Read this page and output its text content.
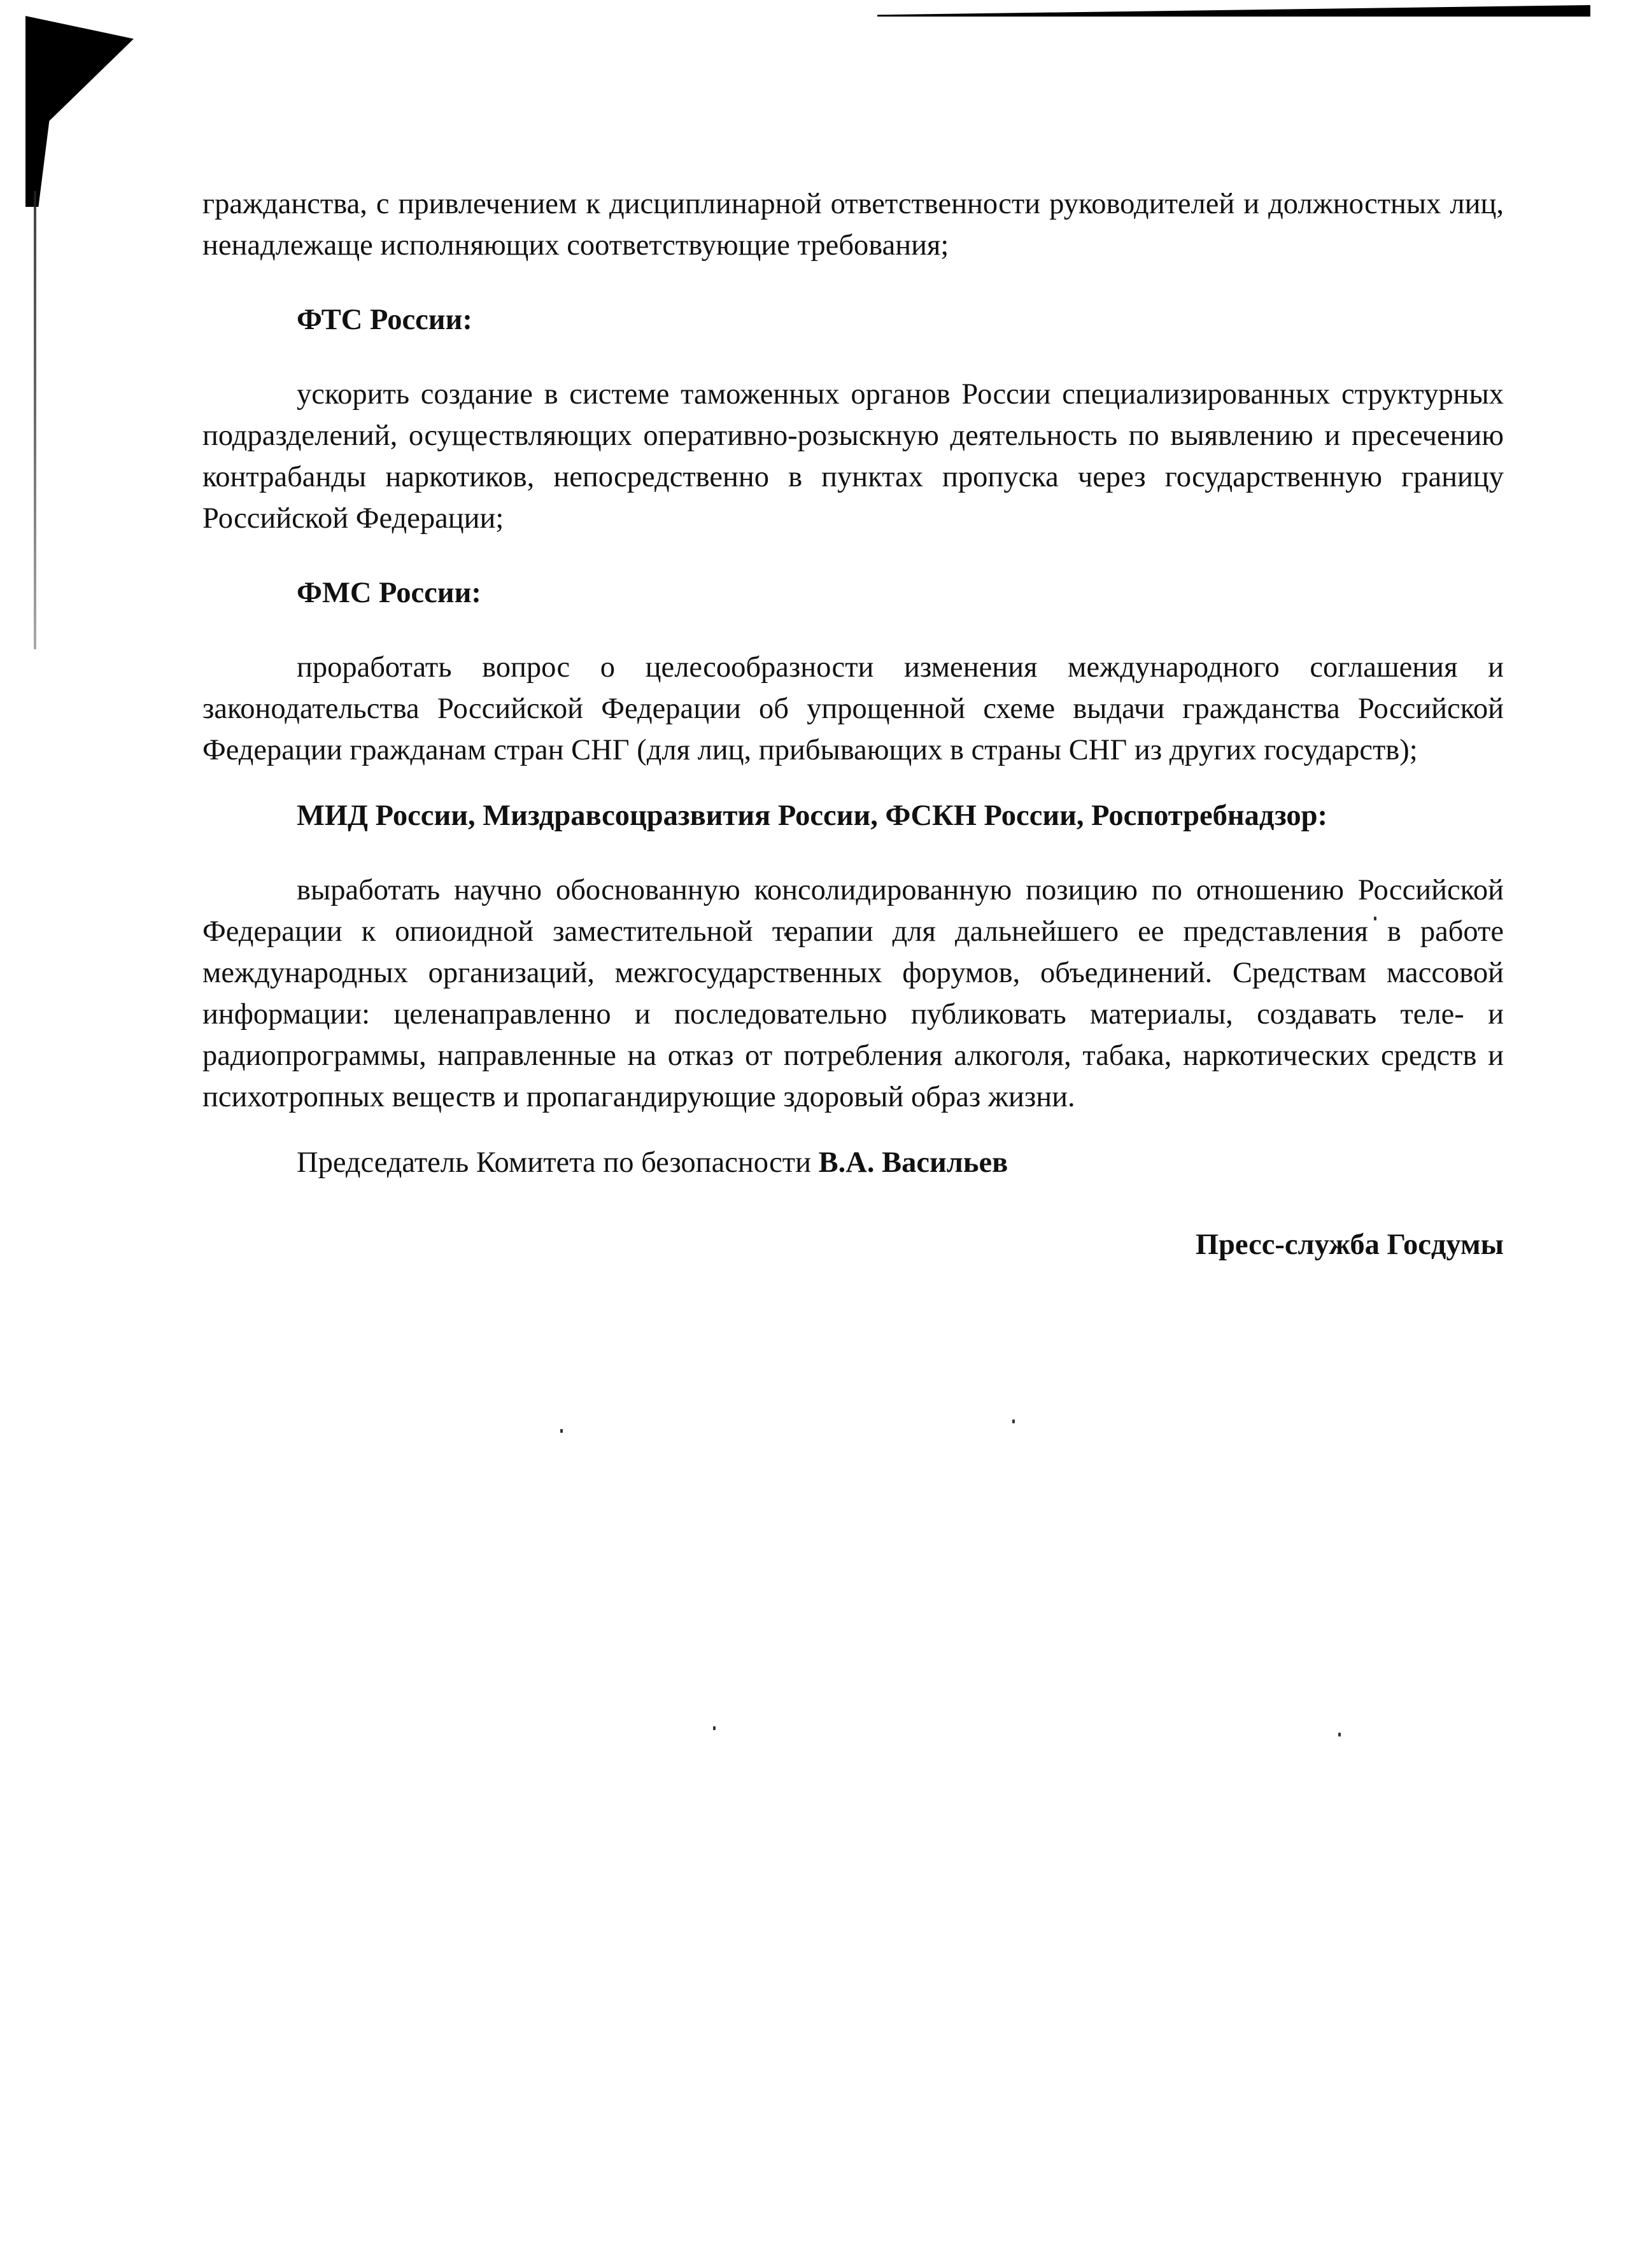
гражданства, с привлечением к дисциплинарной ответственности руководителей и должностных лиц, ненадлежаще исполняющих соответствующие требования;

ФТС России:

ускорить создание в системе таможенных органов России специализированных структурных подразделений, осуществляющих оперативно-розыскную деятельность по выявлению и пресечению контрабанды наркотиков, непосредственно в пунктах пропуска через государственную границу Российской Федерации;

ФМС России:

проработать вопрос о целесообразности изменения международного соглашения и законодательства Российской Федерации об упрощенной схеме выдачи гражданства Российской Федерации гражданам стран СНГ (для лиц, прибывающих в страны СНГ из других государств);

МИД России, Миздравсоцразвития России, ФСКН России, Роспотребнадзор:

выработать научно обоснованную консолидированную позицию по отношению Российской Федерации к опиоидной заместительной терапии для дальнейшего ее представления в работе международных организаций, межгосударственных форумов, объединений. Средствам массовой информации: целенаправленно и последовательно публиковать материалы, создавать теле- и радиопрограммы, направленные на отказ от потребления алкоголя, табака, наркотических средств и психотропных веществ и пропагандирующие здоровый образ жизни.

Председатель Комитета по безопасности В.А. Васильев

Пресс-служба Госдумы
